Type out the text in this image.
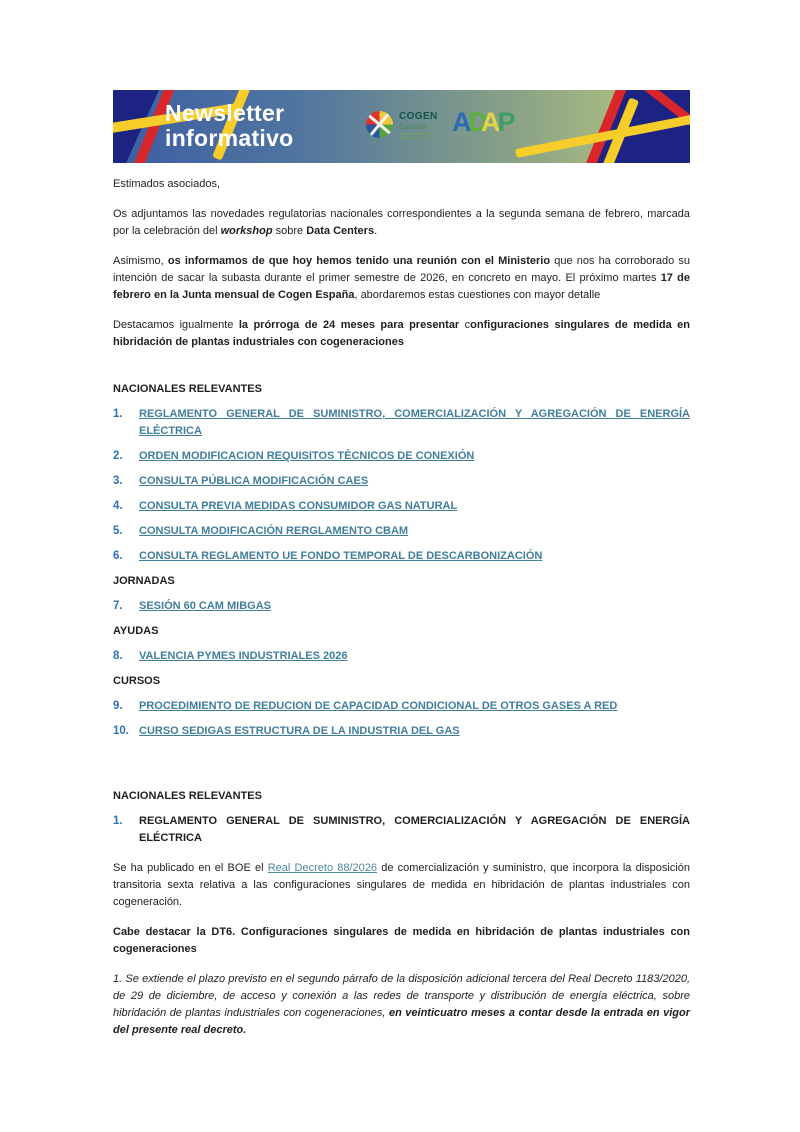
Newsletter
informativo
COGEN
España ADAP

Estimados asociados,

Os adjuntamos las novedades regulatorias nacionales correspondientes a la segunda semana de febrero, marcada por la celebración del workshop sobre Data Centers.

Asimismo, os informamos de que hoy hemos tenido una reunión con el Ministerio que nos ha corroborado su intención de sacar la subasta durante el primer semestre de 2026, en concreto en mayo. El próximo martes 17 de febrero en la Junta mensual de Cogen España, abordaremos estas cuestiones con mayor detalle

Destacamos igualmente la prórroga de 24 meses para presentar configuraciones singulares de medida en hibridación de plantas industriales con cogeneraciones

NACIONALES RELEVANTES
1.	REGLAMENTO GENERAL DE SUMINISTRO, COMERCIALIZACIÓN Y AGREGACIÓN DE ENERGÍA ELÉCTRICA
2.	ORDEN MODIFICACION REQUISITOS TÉCNICOS DE CONEXIÓN
3.	CONSULTA PÚBLICA MODIFICACIÓN CAES
4.	CONSULTA PREVIA MEDIDAS CONSUMIDOR GAS NATURAL
5.	CONSULTA MODIFICACIÓN RERGLAMENTO CBAM
6.	CONSULTA REGLAMENTO UE FONDO TEMPORAL DE DESCARBONIZACIÓN
JORNADAS
7.	SESIÓN 60 CAM MIBGAS
AYUDAS
8.	VALENCIA PYMES INDUSTRIALES 2026
CURSOS
9.	PROCEDIMIENTO DE REDUCION DE CAPACIDAD CONDICIONAL DE OTROS GASES A RED
10. CURSO SEDIGAS ESTRUCTURA DE LA INDUSTRIA DEL GAS
NACIONALES RELEVANTES
1.	REGLAMENTO GENERAL DE SUMINISTRO, COMERCIALIZACIÓN Y AGREGACIÓN DE ENERGÍA ELÉCTRICA

Se ha publicado en el BOE el Real Decreto 88/2026 de comercialización y suministro, que incorpora la disposición transitoria sexta relativa a las configuraciones singulares de medida en hibridación de plantas industriales con cogeneración.

Cabe destacar la DT6. Configuraciones singulares de medida en hibridación de plantas industriales con cogeneraciones

1. Se extiende el plazo previsto en el segundo párrafo de la disposición adicional tercera del Real Decreto 1183/2020, de 29 de diciembre, de acceso y conexión a las redes de transporte y distribución de energía eléctrica, sobre hibridación de plantas industriales con cogeneraciones, en veinticuatro meses a contar desde la entrada en vigor del presente real decreto.
